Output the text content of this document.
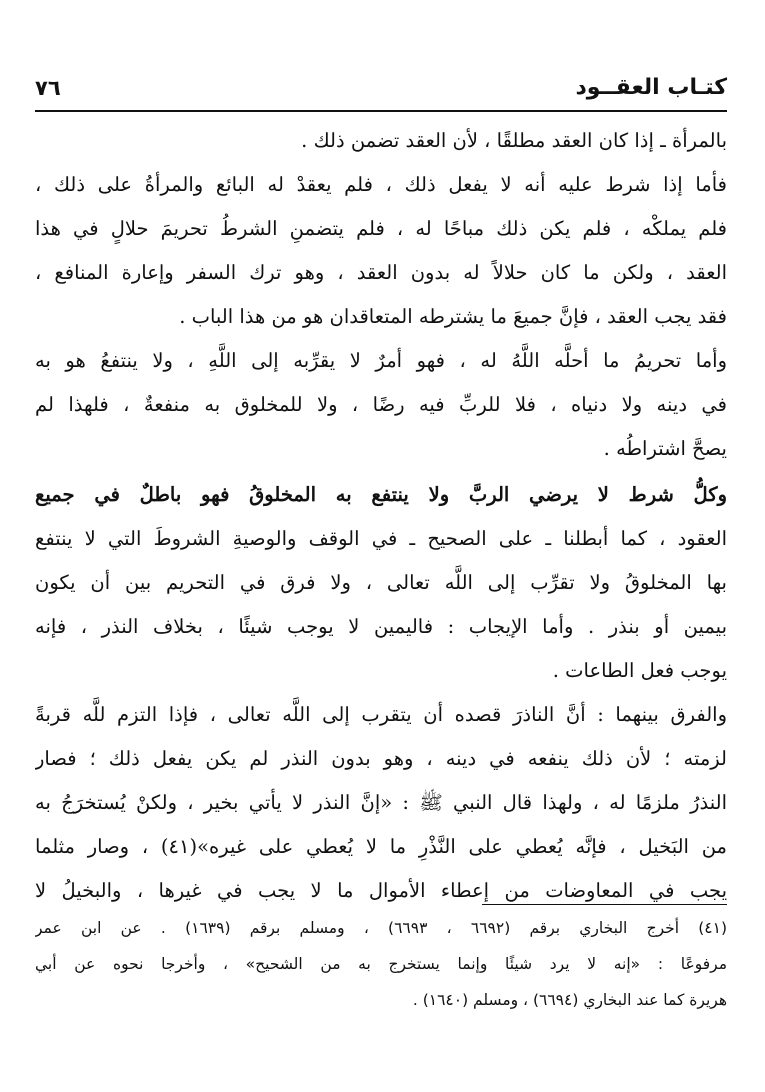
كتـاب العقــود
٧٦
بالمرأة ـ إذا كان العقد مطلقًا ، لأن العقد تضمن ذلك .
فأما إذا شرط عليه أنه لا يفعل ذلك ، فلم يعقدْ له البائع والمرأةُ على ذلك ،
فلم يملكْه ، فلم يكن ذلك مباحًا له ، فلم يتضمنِ الشرطُ تحريمَ حلالٍ في هذا
العقد ، ولكن ما كان حلالاً له بدون العقد ، وهو ترك السفر وإعارة المنافع ،
فقد يجب العقد ، فإنَّ جميعَ ما يشترطه المتعاقدان هو من هذا الباب .
وأما تحريمُ ما أحلَّه اللَّهُ له ، فهو أمرٌ لا يقرِّبه إلى اللَّهِ ، ولا ينتفعُ هو به
في دينه ولا دنياه ، فلا للربِّ فيه رضًا ، ولا للمخلوق به منفعةٌ ، فلهذا لم
يصحَّ اشتراطُه .
وكلُّ شرط لا يرضي الربَّ ولا ينتفع به المخلوقُ فهو باطلٌ في جميع
العقود ، كما أبطلنا ـ على الصحيح ـ في الوقف والوصيةِ الشروطَ التي لا ينتفع
بها المخلوقُ ولا تقرِّب إلى اللَّه تعالى ، ولا فرق في التحريم بين أن يكون
بيمين أو بنذر . وأما الإيجاب : فاليمين لا يوجب شيئًا ، بخلاف النذر ، فإنه
يوجب فعل الطاعات .
والفرق بينهما : أنَّ الناذرَ قصده أن يتقرب إلى اللَّه تعالى ، فإذا التزم للَّه قربةً
لزمته ؛ لأن ذلك ينفعه في دينه ، وهو بدون النذر لم يكن يفعل ذلك ؛ فصار
النذرُ ملزمًا له ، ولهذا قال النبي ﷺ : «إنَّ النذر لا يأتي بخير ، ولكنْ يُستخرَجُ به
من البَخيل ، فإنَّه يُعطي على النَّذْرِ ما لا يُعطي على غيره»(٤١) ، وصار مثلما
يجب في المعاوضات من إعطاء الأموال ما لا يجب في غيرها ، والبخيلُ لا
(٤١) أخرج البخاري برقم (٦٦٩٢ ، ٦٦٩٣) ، ومسلم برقم (١٦٣٩) . عن ابن عمر
مرفوعًا : «إنه لا يرد شيئًا وإنما يستخرج به من الشحيح» ، وأخرجا نحوه عن أبي
هريرة كما عند البخاري (٦٦٩٤) ، ومسلم (١٦٤٠) .
